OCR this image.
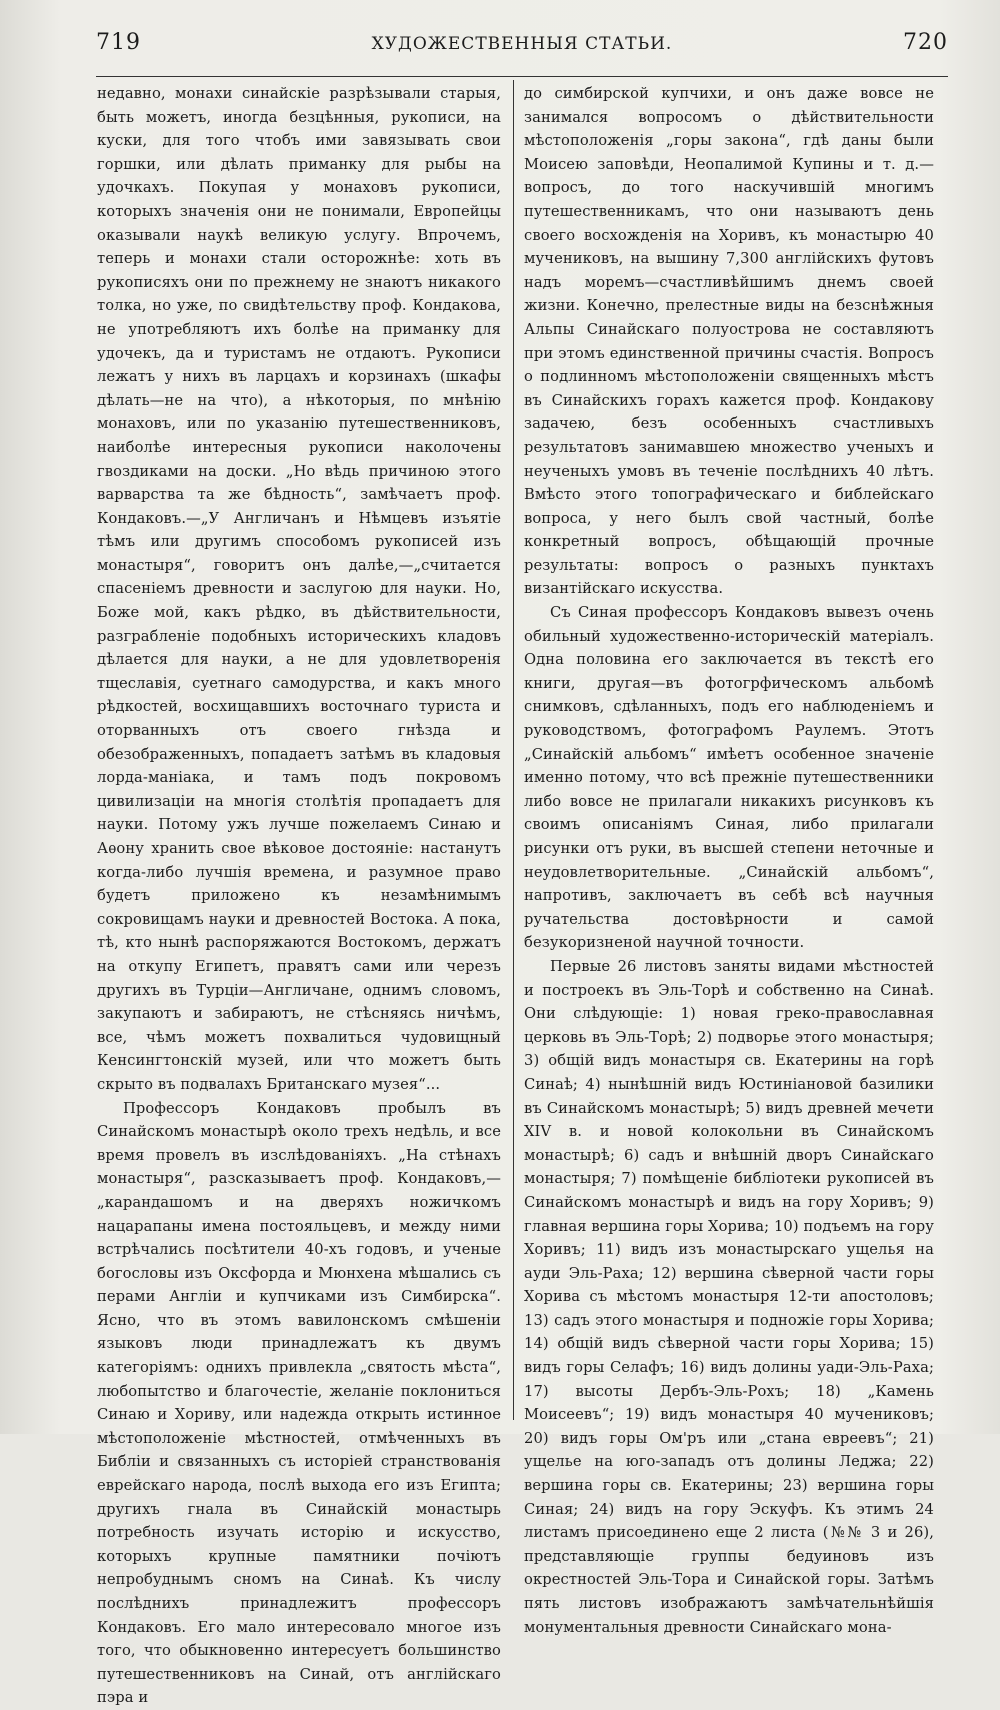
719	ХУДОЖЕСТВЕННЫЯ СТАТЬИ.	720

недавно, монахи синайскіе разрѣзывали старыя, быть можетъ, иногда безцѣнныя, рукописи, на куски, для того чтобъ ими завязывать свои горшки, или дѣлать приманку для рыбы на удочкахъ. Покупая у монаховъ рукописи, которыхъ значенія они не понимали, Европейцы оказывали наукѣ великую услугу. Впрочемъ, теперь и монахи стали осторожнѣе: хоть въ рукописяхъ они по прежнему не знаютъ никакого толка, но уже, по свидѣтельству проф. Кондакова, не употребляютъ ихъ болѣе на приманку для удочекъ, да и туристамъ не отдаютъ. Рукописи лежатъ у нихъ въ ларцахъ и корзинахъ (шкафы дѣлать—не на что), а нѣкоторыя, по мнѣнію монаховъ, или по указанію путешественниковъ, наиболѣе интересныя рукописи наколочены гвоздиками на доски. „Но вѣдь причиною этого варварства та же бѣдность“, замѣчаетъ проф. Кондаковъ.—„У Англичанъ и Нѣмцевъ изъятіе тѣмъ или другимъ способомъ рукописей изъ монастыря“, говоритъ онъ далѣе,—„считается спасеніемъ древности и заслугою для науки. Но, Боже мой, какъ рѣдко, въ дѣйствительности, разграбленіе подобныхъ историческихъ кладовъ дѣлается для науки, а не для удовлетворенія тщеславія, суетнаго самодурства, и какъ много рѣдкостей, восхищавшихъ восточнаго туриста и оторванныхъ отъ своего гнѣзда и обезображенныхъ, попадаетъ затѣмъ въ кладовыя лорда-маніака, и тамъ подъ покровомъ цивилизаціи на многія столѣтія пропадаетъ для науки. Потому ужъ лучше пожелаемъ Синаю и Аѳону хранить свое вѣковое достояніе: настанутъ когда-либо лучшія времена, и разумное право будетъ приложено къ незамѣнимымъ сокровищамъ науки и древностей Востока. А пока, тѣ, кто нынѣ распоряжаются Востокомъ, держатъ на откупу Египетъ, правятъ сами или черезъ другихъ въ Турціи—Англичане, однимъ словомъ, закупаютъ и забираютъ, не стѣсняясь ничѣмъ, все, чѣмъ можетъ похвалиться чудовищный Кенсингтонскій музей, или что можетъ быть скрыто въ подвалахъ Британскаго музея“...

Профессоръ Кондаковъ пробылъ въ Синайскомъ монастырѣ около трехъ недѣль, и все время провелъ въ изслѣдованіяхъ. „На стѣнахъ монастыря“, разсказываетъ проф. Кондаковъ,—„карандашомъ и на дверяхъ ножичкомъ нацарапаны имена постояльцевъ, и между ними встрѣчались посѣтители 40-хъ годовъ, и ученые богословы изъ Оксфорда и Мюнхена мѣшались съ перами Англіи и купчиками изъ Симбирска“. Ясно, что въ этомъ вавилонскомъ смѣшеніи языковъ люди принадлежатъ къ двумъ категоріямъ: однихъ привлекла „святость мѣста“, любопытство и благочестіе, желаніе поклониться Синаю и Хориву, или надежда открыть истинное мѣстоположеніе мѣстностей, отмѣченныхъ въ Библіи и связанныхъ съ исторіей странствованія еврейскаго народа, послѣ выхода его изъ Египта; другихъ гнала въ Синайскій монастырь потребность изучать исторію и искусство, которыхъ крупные памятники почіютъ непробуднымъ сномъ на Синаѣ. Къ числу послѣднихъ принадлежитъ профессоръ Кондаковъ. Его мало интересовало многое изъ того, что обыкновенно интересуетъ большинство путешественниковъ на Синай, отъ англійскаго пэра и

до симбирской купчихи, и онъ даже вовсе не занимался вопросомъ о дѣйствительности мѣстоположенія „горы закона“, гдѣ даны были Моисею заповѣди, Неопалимой Купины и т. д.—вопросъ, до того наскучившій многимъ путешественникамъ, что они называютъ день своего восхожденія на Хоривъ, къ монастырю 40 мучениковъ, на вышину 7,300 англійскихъ футовъ надъ моремъ—счастливѣйшимъ днемъ своей жизни. Конечно, прелестные виды на безснѣжныя Альпы Синайскаго полуострова не составляютъ при этомъ единственной причины счастія. Вопросъ о подлинномъ мѣстоположеніи священныхъ мѣстъ въ Синайскихъ горахъ кажется проф. Кондакову задачею, безъ особенныхъ счастливыхъ результатовъ занимавшею множество ученыхъ и неученыхъ умовъ въ теченіе послѣднихъ 40 лѣтъ. Вмѣсто этого топографическаго и библейскаго вопроса, у него былъ свой частный, болѣе конкретный вопросъ, обѣщающій прочные результаты: вопросъ о разныхъ пунктахъ византійскаго искусства.

Съ Синая профессоръ Кондаковъ вывезъ очень обильный художественно-историческій матеріалъ. Одна половина его заключается въ текстѣ его книги, другая—въ фотогрфическомъ альбомѣ снимковъ, сдѣланныхъ, подъ его наблюденіемъ и руководствомъ, фотографомъ Раулемъ. Этотъ „Синайскій альбомъ“ имѣетъ особенное значеніе именно потому, что всѣ прежніе путешественники либо вовсе не прилагали никакихъ рисунковъ къ своимъ описаніямъ Синая, либо прилагали рисунки отъ руки, въ высшей степени неточные и неудовлетворительные. „Синайскій альбомъ“, напротивъ, заключаетъ въ себѣ всѣ научныя ручательства достовѣрности и самой безукоризненой научной точности.

Первые 26 листовъ заняты видами мѣстностей и построекъ въ Эль-Торѣ и собственно на Синаѣ. Они слѣдующіе: 1) новая греко-православная церковь въ Эль-Торѣ; 2) подворье этого монастыря; 3) общій видъ монастыря св. Екатерины на горѣ Синаѣ; 4) нынѣшній видъ Юстиніановой базилики въ Синайскомъ монастырѣ; 5) видъ древней мечети XIV в. и новой колокольни въ Синайскомъ монастырѣ; 6) садъ и внѣшній дворъ Синайскаго монастыря; 7) помѣщеніе библіотеки рукописей въ Синайскомъ монастырѣ и видъ на гору Хоривъ; 9) главная вершина горы Хорива; 10) подъемъ на гору Хоривъ; 11) видъ изъ монастырскаго ущелья на ауди Эль-Раха; 12) вершина сѣверной части горы Хорива съ мѣстомъ монастыря 12-ти апостоловъ; 13) садъ этого монастыря и подножіе горы Хорива; 14) общій видъ сѣверной части горы Хорива; 15) видъ горы Селафъ; 16) видъ долины уади-Эль-Раха; 17) высоты Дербъ-Эль-Рохъ; 18) „Камень Моисеевъ“; 19) видъ монастыря 40 мучениковъ; 20) видъ горы Ом'ръ или „стана евреевъ“; 21) ущелье на юго-западъ отъ долины Леджа; 22) вершина горы св. Екатерины; 23) вершина горы Синая; 24) видъ на гору Эскуфъ. Къ этимъ 24 листамъ присоединено еще 2 листа (№№ 3 и 26), представляющіе группы бедуиновъ изъ окрестностей Эль-Тора и Синайской горы. Затѣмъ пять листовъ изображаютъ замѣчательнѣйшія монументальныя древности Синайскаго мона-
